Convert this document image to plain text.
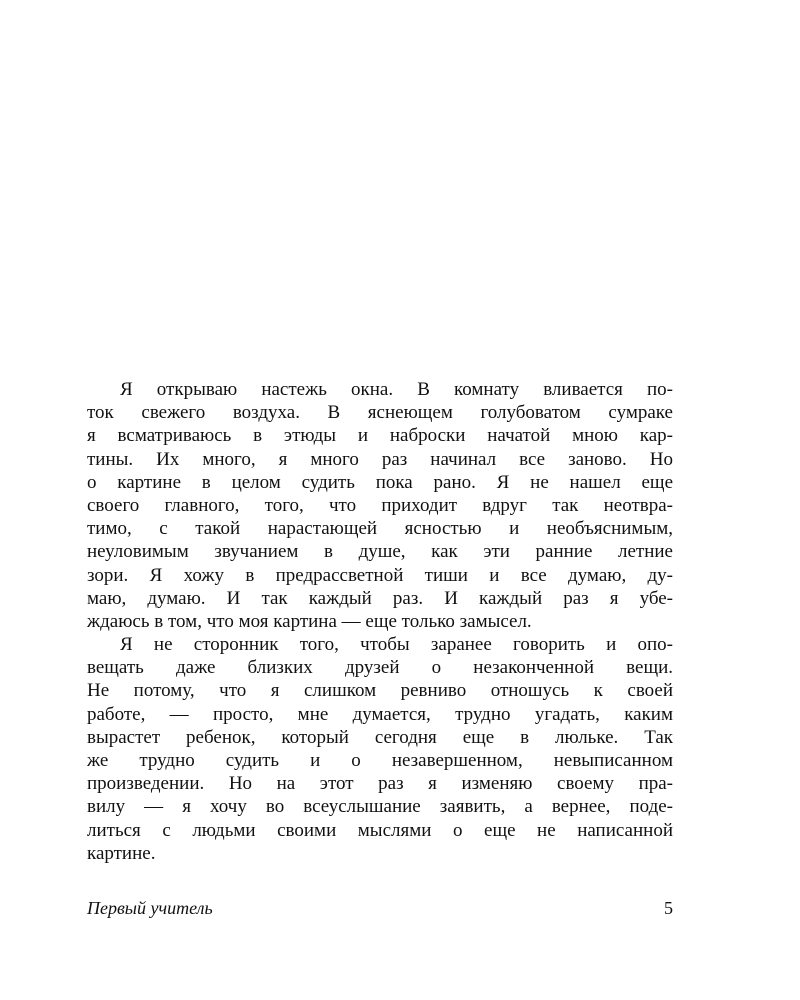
Я открываю настежь окна. В комнату вливается по-
ток свежего воздуха. В яснеющем голубоватом сумраке
я всматриваюсь в этюды и наброски начатой мною кар-
тины. Их много, я много раз начинал все заново. Но
о картине в целом судить пока рано. Я не нашел еще
своего главного, того, что приходит вдруг так неотвра-
тимо, с такой нарастающей ясностью и необъяснимым,
неуловимым звучанием в душе, как эти ранние летние
зори. Я хожу в предрассветной тиши и все думаю, ду-
маю, думаю. И так каждый раз. И каждый раз я убе-
ждаюсь в том, что моя картина — еще только замысел.
Я не сторонник того, чтобы заранее говорить и опо-
вещать даже близких друзей о незаконченной вещи.
Не потому, что я слишком ревниво отношусь к своей
работе, — просто, мне думается, трудно угадать, каким
вырастет ребенок, который сегодня еще в люльке. Так
же трудно судить и о незавершенном, невыписанном
произведении. Но на этот раз я изменяю своему пра-
вилу — я хочу во всеуслышание заявить, а вернее, поде-
литься с людьми своими мыслями о еще не написанной
картине.
Первый учитель	5
